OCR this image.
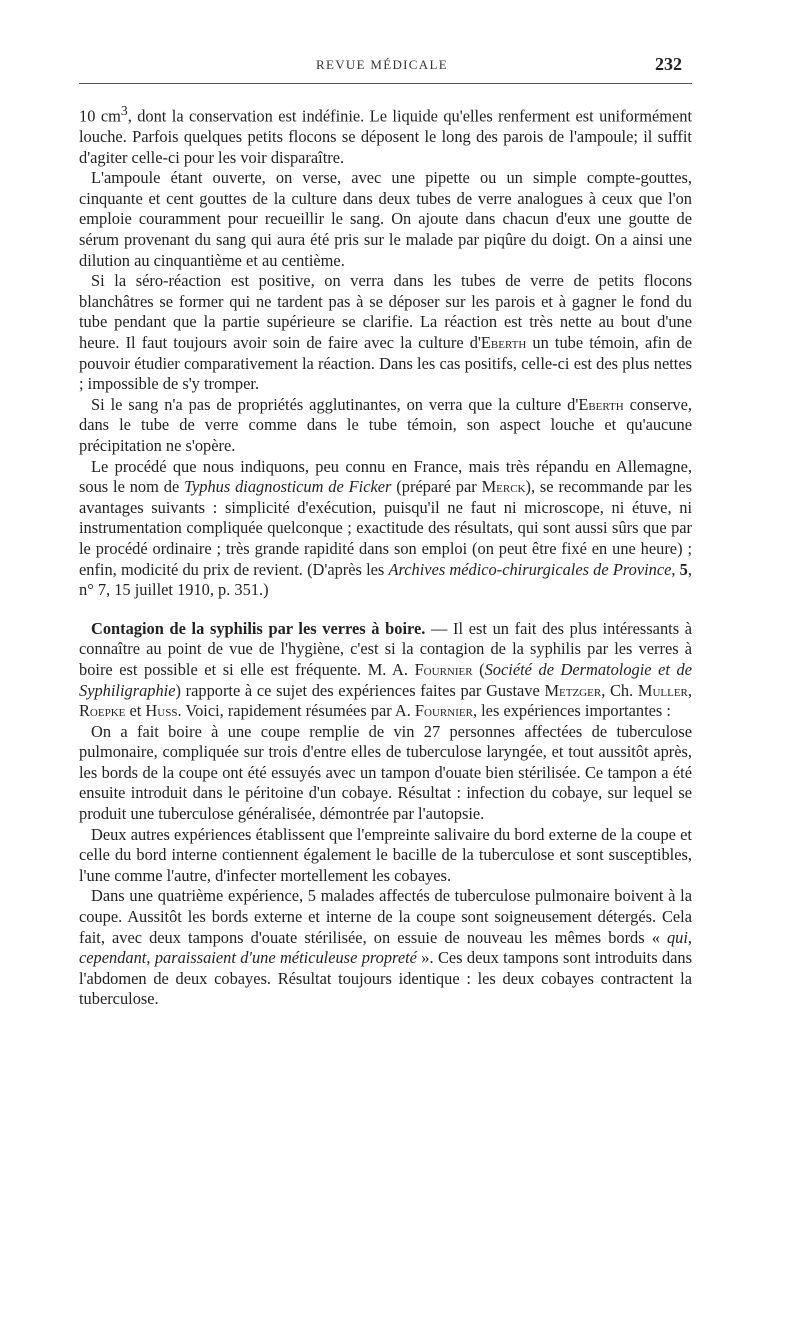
REVUE MÉDICALE	232

10 $cm^3$, dont la conservation est indéfinie. Le liquide qu'elles renferment est uniformément louche. Parfois quelques petits flocons se déposent le long des parois de l'ampoule; il suffit d'agiter celle-ci pour les voir disparaître.

L'ampoule étant ouverte, on verse, avec une pipette ou un simple compte-gouttes, cinquante et cent gouttes de la culture dans deux tubes de verre analogues à ceux que l'on emploie couramment pour recueillir le sang. On ajoute dans chacun d'eux une goutte de sérum provenant du sang qui aura été pris sur le malade par piqûre du doigt. On a ainsi une dilution au cinquantième et au centième.

Si la séro-réaction est positive, on verra dans les tubes de verre de petits flocons blanchâtres se former qui ne tardent pas à se déposer sur les parois et à gagner le fond du tube pendant que la partie supérieure se clarifie. La réaction est très nette au bout d'une heure. Il faut toujours avoir soin de faire avec la culture d'Eberth un tube témoin, afin de pouvoir étudier comparativement la réaction. Dans les cas positifs, celle-ci est des plus nettes ; impossible de s'y tromper.

Si le sang n'a pas de propriétés agglutinantes, on verra que la culture d'Eberth conserve, dans le tube de verre comme dans le tube témoin, son aspect louche et qu'aucune précipitation ne s'opère.

Le procédé que nous indiquons, peu connu en France, mais très répandu en Allemagne, sous le nom de Typhus diagnosticum de Ficker (préparé par Merck), se recommande par les avantages suivants : simplicité d'exécution, puisqu'il ne faut ni microscope, ni étuve, ni instrumentation compliquée quelconque ; exactitude des résultats, qui sont aussi sûrs que par le procédé ordinaire ; très grande rapidité dans son emploi (on peut être fixé en une heure) ; enfin, modicité du prix de revient. (D'après les Archives médico-chirurgicales de Province, 5, n° 7, 15 juillet 1910, p. 351.)

Contagion de la syphilis par les verres à boire. — Il est un fait des plus intéressants à connaître au point de vue de l'hygiène, c'est si la contagion de la syphilis par les verres à boire est possible et si elle est fréquente. M. A. Fournier (Société de Dermatologie et de Syphiligraphie) rapporte à ce sujet des expériences faites par Gustave Metzger, Ch. Muller, Roepke et Huss. Voici, rapidement résumées par A. Fournier, les expériences importantes :

On a fait boire à une coupe remplie de vin 27 personnes affectées de tuberculose pulmonaire, compliquée sur trois d'entre elles de tuberculose laryngée, et tout aussitôt après, les bords de la coupe ont été essuyés avec un tampon d'ouate bien stérilisée. Ce tampon a été ensuite introduit dans le péritoine d'un cobaye. Résultat : infection du cobaye, sur lequel se produit une tuberculose généralisée, démontrée par l'autopsie.

Deux autres expériences établissent que l'empreinte salivaire du bord externe de la coupe et celle du bord interne contiennent également le bacille de la tuberculose et sont susceptibles, l'une comme l'autre, d'infecter mortellement les cobayes.

Dans une quatrième expérience, 5 malades affectés de tuberculose pulmonaire boivent à la coupe. Aussitôt les bords externe et interne de la coupe sont soigneusement détergés. Cela fait, avec deux tampons d'ouate stérilisée, on essuie de nouveau les mêmes bords « qui, cependant, paraissaient d'une méticuleuse propreté ». Ces deux tampons sont introduits dans l'abdomen de deux cobayes. Résultat toujours identique : les deux cobayes contractent la tuberculose.
